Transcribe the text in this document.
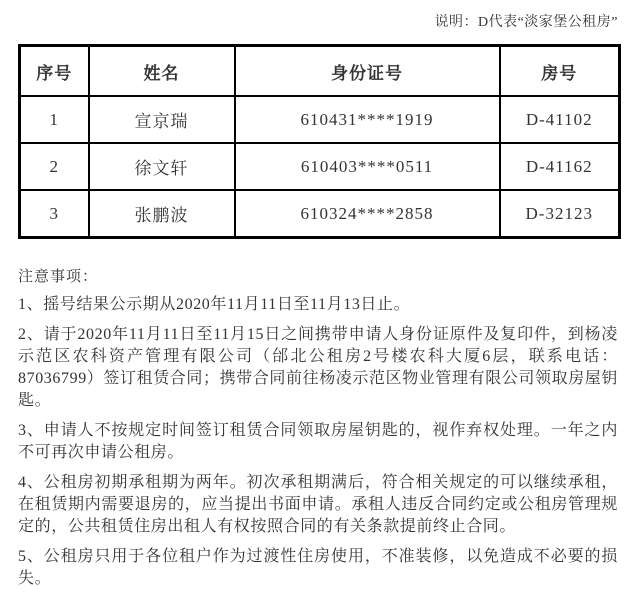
说明：D代表“淡家堡公租房”
序号	姓名	身份证号	房号
1	宣京瑞	610431****1919	D-41102
2	徐文轩	610403****0511	D-41162
3	张鹏波	610324****2858	D-32123
注意事项：

1、摇号结果公示期从2020年11月11日至11月13日止。

2、请于2020年11月11日至11月15日之间携带申请人身份证原件及复印件，到杨凌示范区农科资产管理有限公司（邰北公租房2号楼农科大厦6层，联系电话：87036799）签订租赁合同；携带合同前往杨凌示范区物业管理有限公司领取房屋钥匙。

3、申请人不按规定时间签订租赁合同领取房屋钥匙的，视作弃权处理。一年之内不可再次申请公租房。

4、公租房初期承租期为两年。初次承租期满后，符合相关规定的可以继续承租，在租赁期内需要退房的，应当提出书面申请。承租人违反合同约定或公租房管理规定的，公共租赁住房出租人有权按照合同的有关条款提前终止合同。

5、公租房只用于各位租户作为过渡性住房使用，不准装修，以免造成不必要的损失。
